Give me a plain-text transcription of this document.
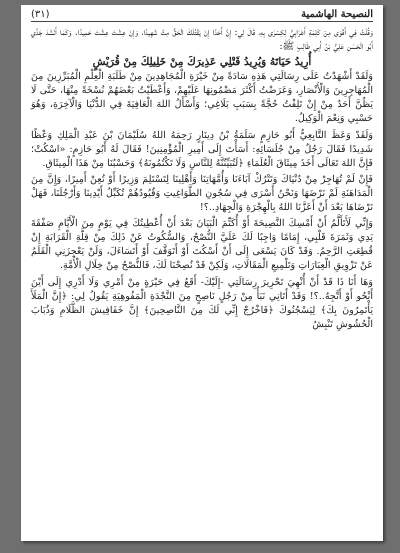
النصيحة الهاشمية
(٣١)

وَقُلْتُ فِي أَقْوَى مِنْ كَلِمَةِ أَعْرَابِيٍّ لِكِسْرَى بِهِ، قَالَ لِي: إِنَّ أَحَدًا إِنْ يَقْتُلَكَ الْحَقُّ مِتَّ شَهِيدًا، وَإِنْ عِشْتَ عِشْتَ حَمِيدًا. وَكَمَا أَنْشَدَ جَدِّي أَبُو الْحَسَنِ عَلِيُّ بْنُ أَبِي طَالِبٍ ﷺ:

أُرِيدُ حَيَاتَهُ وَيُرِيدُ قَتْلِي عَذِيرَكَ مِنْ خَلِيلِكَ مِنْ قُرَيْشٍ

وَلَقَدْ أَشْهَدْتُ عَلَى رِسَالَتِي هَذِهِ سَادَةً مِنْ خَيْرَةِ الْمُجَاهِدِينَ مِنْ طَلَبَةِ الْعِلْمِ الْمُبَرِّزِينَ مِنَ الْمُهَاجِرِينَ وَالْأَنْصَارِ، وَعَرَضْتُ أَكْثَرَ مَضْمُونِهَا عَلَيْهِمْ، وَأَعْطَيْتُ بَعْضَهُمْ نُسْخَةً مِنْهَا، حَتَّى لَا يَظُنَّ أَحَدٌ مِنْ إِنْ تَلِفْتُ حُجَّةً بِسَبَبِ بَلَاغِي؛ وَأَسْأَلُ اللهَ الْعَافِيَةَ فِي الدُّنْيَا وَالْآخِرَةِ، وَهُوَ حَسْبِي وَنِعْمَ الْوَكِيلُ.

وَلَقَدْ وَعَظَ التَّابِعِيُّ أَبُو حَازِمٍ سَلَمَةُ بْنُ دِينَارٍ رَحِمَهُ اللهُ سُلَيْمَانَ بْنَ عَبْدِ الْمَلِكِ وَعْظًا شَدِيدًا فَقَالَ رَجُلٌ مِنْ جُلَسَائِهِ: أَسَأْتَ إِلَى أَمِيرِ الْمُؤْمِنِينَ! فَقَالَ لَهُ أَبُو حَازِمٍ: «اسْكُتْ؛ فَإِنَّ اللهَ تَعَالَى أَخَذَ مِيثَاقَ الْعُلَمَاءِ ﴿لَتُبَيِّنُنَّهُ لِلنَّاسِ وَلَا تَكْتُمُونَهُ﴾ وَحَسْبُنَا مِنْ هَذَا الْمِيثَاقِ.

فَإِنْ لَمْ تُهَاجِرْ مِنْ دُنْيَاكَ وَتَتْرُكْ آبَاءَنَا وَأُمَّهَاتِنَا وَأَهْلِينَا لِتَسْتَلِمَ وَزِيرًا أَوْ تُعِنْ أَمِيرًا، وَإِنَّ مِنَ الْمَدَاهَنَةِ لَمْ نَرْضَهَا وَنَحْنُ أَسْرَى فِي سُجُونِ الطَّوَاغِيتِ وَقُيُودُهُمْ تُكَبِّلُ أَيْدِينَا وَأَرْجُلَنَا، فَهَلْ نَرْضَاهَا بَعْدَ أَنْ أَعَزَّنَا اللهُ بِالْهِجْرَةِ وَالْجِهَادِ..؟!

وَإِنِّي لَأَتَأَلَّمُ أَنْ أَمْسِكَ النَّصِيحَةَ أَوْ أُكَتِّمَ الْبَيَانَ بَعْدَ أَنْ أُعْطِيتُكَ فِي يَوْمٍ مِنَ الْأَيَّامِ صَفْقَةَ يَدِي وَثَمَرَةَ قَلْبِي، إِمَامًا وَاجِبًا لَكَ عَلَيَّ النُّصْحُ، وَالسُّكُوتُ عَنْ ذَلِكَ مِنْ قِلَّةِ الْقَرَابَةِ إِنْ قُطِعَتِ الرَّحِمُ. وَقَدْ كَانَ يَسْعَى إِلَى أَنْ أَسْكُتَ أَوْ أَتَوَقَّفَ أَوْ أَتَسَاءَلَ، وَلَنْ يَعْجِزَنِي الْقَلَمُ عَنْ تَزْوِيقِ الْعِبَارَاتِ وَتَلْمِيعِ الْمَقَالَاتِ، وَلَكِنْ قَدْ نُصِحْنَا لَكَ، فَالنُّصْحُ مِنْ خِلَالِ الْأُمَّةِ.

وَهَا أَنَا ذَا قَدْ أَنْ أُنْهِيَ تَحْرِيرَ رِسَالَتِي -إِلَيْكَ- أَقَعُ فِي حَيْرَةٍ مِنْ أَمْرِي وَلَا أَدْرِي إِلَى أَيْنَ أَنْحُو أَوْ أَتَّجِهُ..؟! وَقَدْ أَتَانِي نَبَأٌ مِنْ رَجُلٍ نَاصِحٍ مِنَ النَّجْدَةِ الْمَفُوهِيَةِ يَقُولُ لِي: ﴿إِنَّ الْمَلَأَ يَأْتَمِرُونَ بِكَ﴾ لِيَسْجُنُوكَ ﴿فَاخْرُجْ إِنِّي لَكَ مِنَ النَّاصِحِينَ﴾ إِنَّ خَفَافِيشَ الظَّلَامِ وَذُبَابَ الْحُشُوشِ تَنْبِشُ
